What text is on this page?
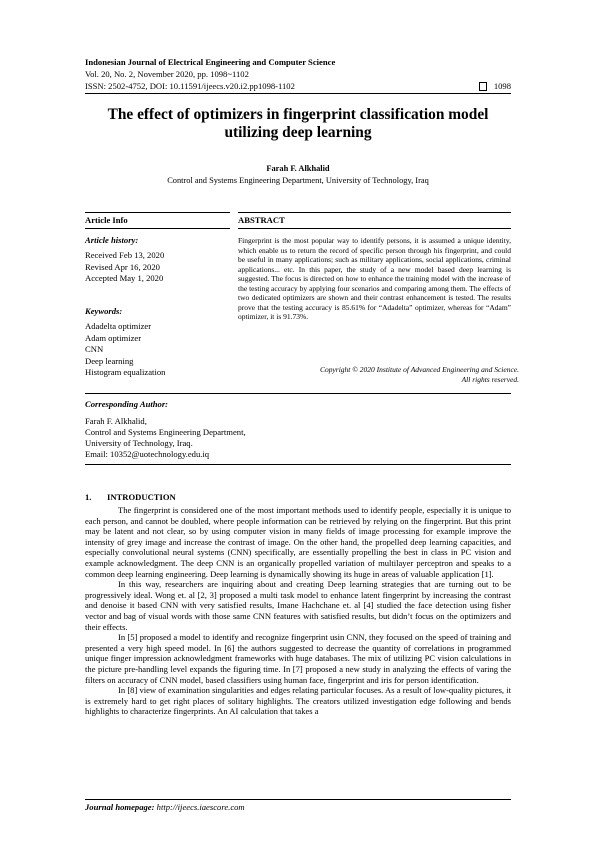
Indonesian Journal of Electrical Engineering and Computer Science
Vol. 20, No. 2, November 2020, pp. 1098~1102
ISSN: 2502-4752, DOI: 10.11591/ijeecs.v20.i2.pp1098-1102	1098
The effect of optimizers in fingerprint classification model
utilizing deep learning
Farah F. Alkhalid
Control and Systems Engineering Department, University of Technology, Iraq
Article Info	ABSTRACT
Article history:
Received Feb 13, 2020
Revised Apr 16, 2020
Accepted May 1, 2020
Keywords:
Adadelta optimizer
Adam optimizer
CNN
Deep learning
Histogram equalization
Fingerprint is the most popular way to identify persons, it is assumed a unique identity, which enable us to return the record of specific person through his fingerprint, and could be useful in many applications; such as military applications, social applications, criminal applications... etc. In this paper, the study of a new model based deep learning is suggested. The focus is directed on how to enhance the training model with the increase of the testing accuracy by applying four scenarios and comparing among them. The effects of two dedicated optimizers are shown and their contrast enhancement is tested. The results prove that the testing accuracy is 85.61% for “Adadelta” optimizer, whereas for “Adam” optimizer, it is 91.73%.
Copyright © 2020 Institute of Advanced Engineering and Science.
All rights reserved.
Corresponding Author:
Farah F. Alkhalid,
Control and Systems Engineering Department,
University of Technology, Iraq.
Email: 10352@uotechnology.edu.iq
1. INTRODUCTION

The fingerprint is considered one of the most important methods used to identify people, especially it is unique to each person, and cannot be doubled, where people information can be retrieved by relying on the fingerprint. But this print may be latent and not clear, so by using computer vision in many fields of image processing for example improve the intensity of grey image and increase the contrast of image. On the other hand, the propelled deep learning capacities, and especially convolutional neural systems (CNN) specifically, are essentially propelling the best in class in PC vision and example acknowledgment. The deep CNN is an organically propelled variation of multilayer perceptron and speaks to a common deep learning engineering. Deep learning is dynamically showing its huge in areas of valuable application [1].

In this way, researchers are inquiring about and creating Deep learning strategies that are turning out to be progressively ideal. Wong et. al [2, 3] proposed a multi task model to enhance latent fingerprint by increasing the contrast and denoise it based CNN with very satisfied results, Imane Hachchane et. al [4] studied the face detection using fisher vector and bag of visual words with those same CNN features with satisfied results, but didn’t focus on the optimizers and their effects.

In [5] proposed a model to identify and recognize fingerprint usin CNN, they focused on the speed of training and presented a very high speed model. In [6] the authors suggested to decrease the quantity of correlations in programmed unique finger impression acknowledgment frameworks with huge databases. The mix of utilizing PC vision calculations in the picture pre-handling level expands the figuring time. In [7] proposed a new study in analyzing the effects of varing the filters on accuracy of CNN model, based classifiers using human face, fingerprint and iris for person identification.

In [8] view of examination singularities and edges relating particular focuses. As a result of low-quality pictures, it is extremely hard to get right places of solitary highlights. The creators utilized investigation edge following and bends highlights to characterize fingerprints. An AI calculation that takes a

Journal homepage: http://ijeecs.iaescore.com
